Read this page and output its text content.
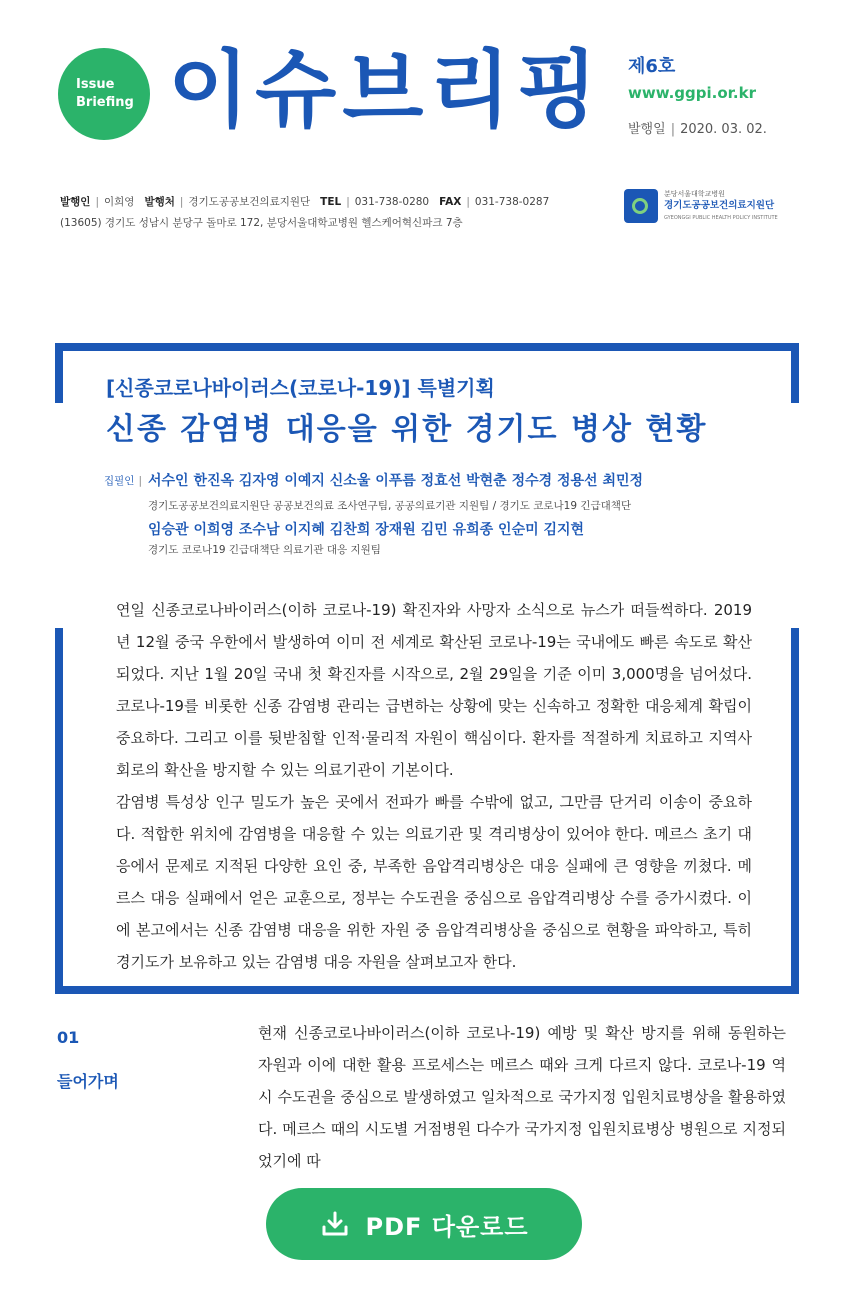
Issue
Briefing 이슈브리핑 제6호
www.ggpi.or.kr
발행일 | 2020. 03. 02.
발행인 | 이희영 발행처 | 경기도공공보건의료지원단 TEL | 031-738-0280 FAX | 031-738-0287
(13605) 경기도 성남시 분당구 돌마로 172, 분당서울대학교병원 헬스케어혁신파크 7층
분당서울대학교병원
경기도공공보건의료지원단
GYEONGGI PUBLIC HEALTH POLICY INSTITUTE
[신종코로나바이러스(코로나-19)] 특별기획
신종 감염병 대응을 위한 경기도 병상 현황
집필인 | 서수인 한진옥 김자영 이예지 신소울 이푸름 정효선 박현춘 정수경 정용선 최민정
경기도공공보건의료지원단 공공보건의료 조사연구팀, 공공의료기관 지원팀 / 경기도 코로나19 긴급대책단
임승관 이희영 조수남 이지혜 김찬희 장재원 김민 유희종 인순미 김지현
경기도 코로나19 긴급대책단 의료기관 대응 지원팀

연일 신종코로나바이러스(이하 코로나-19) 확진자와 사망자 소식으로 뉴스가 떠들썩하다. 2019년 12월 중국 우한에서 발생하여 이미 전 세계로 확산된 코로나-19는 국내에도 빠른 속도로 확산되었다. 지난 1월 20일 국내 첫 확진자를 시작으로, 2월 29일을 기준 이미 3,000명을 넘어섰다. 코로나-19를 비롯한 신종 감염병 관리는 급변하는 상황에 맞는 신속하고 정확한 대응체계 확립이 중요하다. 그리고 이를 뒷받침할 인적·물리적 자원이 핵심이다. 환자를 적절하게 치료하고 지역사회로의 확산을 방지할 수 있는 의료기관이 기본이다.

감염병 특성상 인구 밀도가 높은 곳에서 전파가 빠를 수밖에 없고, 그만큼 단거리 이송이 중요하다. 적합한 위치에 감염병을 대응할 수 있는 의료기관 및 격리병상이 있어야 한다. 메르스 초기 대응에서 문제로 지적된 다양한 요인 중, 부족한 음압격리병상은 대응 실패에 큰 영향을 끼쳤다. 메르스 대응 실패에서 얻은 교훈으로, 정부는 수도권을 중심으로 음압격리병상 수를 증가시켰다. 이에 본고에서는 신종 감염병 대응을 위한 자원 중 음압격리병상을 중심으로 현황을 파악하고, 특히 경기도가 보유하고 있는 감염병 대응 자원을 살펴보고자 한다.

01
들어가며

현재 신종코로나바이러스(이하 코로나-19) 예방 및 확산 방지를 위해 동원하는 자원과 이에 대한 활용 프로세스는 메르스 때와 크게 다르지 않다. 코로나-19 역시 수도권을 중심으로 발생하였고 일차적으로 국가지정 입원치료병상을 활용하였다. 메르스 때의 시도별 거점병원 다수가 국가지정 입원치료병상 병원으로 지정되었기에 따

PDF 다운로드
